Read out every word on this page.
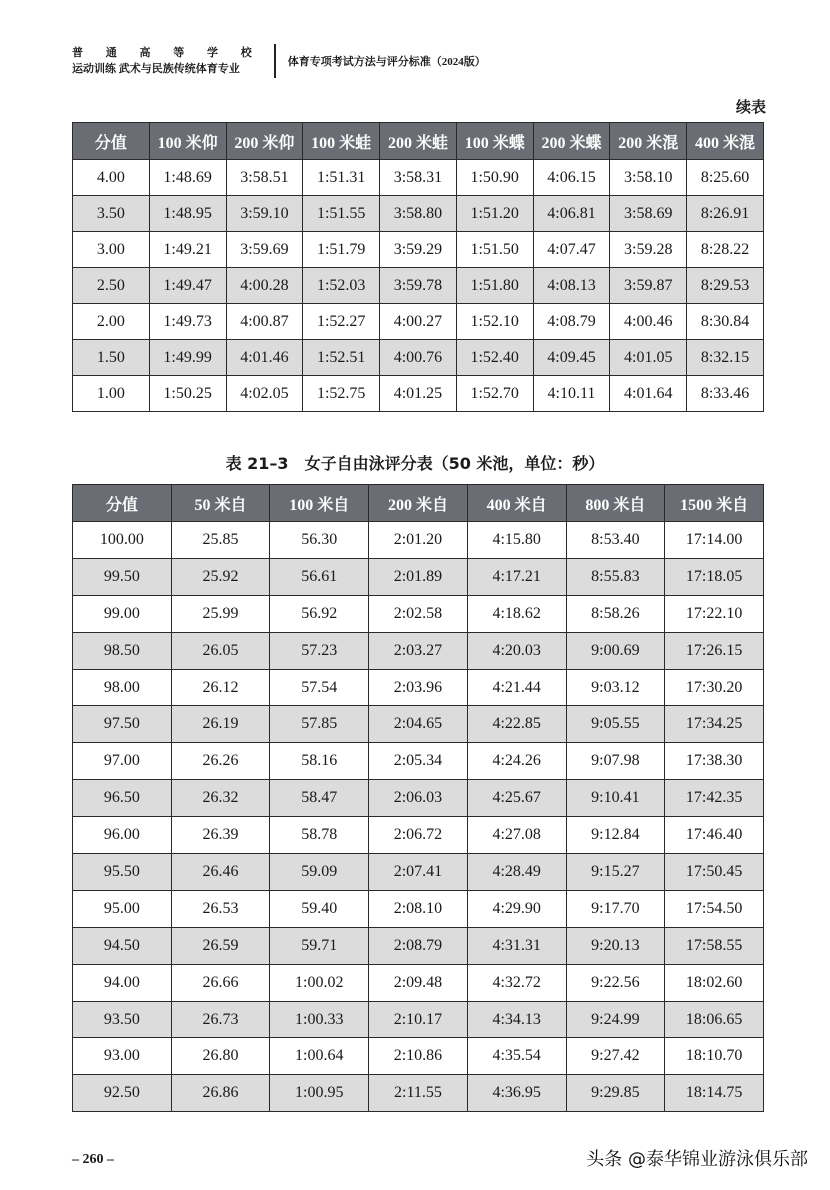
普 通 高 等 学 校
运动训练 武术与民族传统体育专业
体育专项考试方法与评分标准（2024版）
续表
分值	100 米仰	200 米仰	100 米蛙	200 米蛙	100 米蝶	200 米蝶	200 米混	400 米混
4.00	1:48.69	3:58.51	1:51.31	3:58.31	1:50.90	4:06.15	3:58.10	8:25.60
3.50	1:48.95	3:59.10	1:51.55	3:58.80	1:51.20	4:06.81	3:58.69	8:26.91
3.00	1:49.21	3:59.69	1:51.79	3:59.29	1:51.50	4:07.47	3:59.28	8:28.22
2.50	1:49.47	4:00.28	1:52.03	3:59.78	1:51.80	4:08.13	3:59.87	8:29.53
2.00	1:49.73	4:00.87	1:52.27	4:00.27	1:52.10	4:08.79	4:00.46	8:30.84
1.50	1:49.99	4:01.46	1:52.51	4:00.76	1:52.40	4:09.45	4:01.05	8:32.15
1.00	1:50.25	4:02.05	1:52.75	4:01.25	1:52.70	4:10.11	4:01.64	8:33.46
表 21–3　女子自由泳评分表（50 米池，单位：秒）
分值	50 米自	100 米自	200 米自	400 米自	800 米自	1500 米自
100.00	25.85	56.30	2:01.20	4:15.80	8:53.40	17:14.00
99.50	25.92	56.61	2:01.89	4:17.21	8:55.83	17:18.05
99.00	25.99	56.92	2:02.58	4:18.62	8:58.26	17:22.10
98.50	26.05	57.23	2:03.27	4:20.03	9:00.69	17:26.15
98.00	26.12	57.54	2:03.96	4:21.44	9:03.12	17:30.20
97.50	26.19	57.85	2:04.65	4:22.85	9:05.55	17:34.25
97.00	26.26	58.16	2:05.34	4:24.26	9:07.98	17:38.30
96.50	26.32	58.47	2:06.03	4:25.67	9:10.41	17:42.35
96.00	26.39	58.78	2:06.72	4:27.08	9:12.84	17:46.40
95.50	26.46	59.09	2:07.41	4:28.49	9:15.27	17:50.45
95.00	26.53	59.40	2:08.10	4:29.90	9:17.70	17:54.50
94.50	26.59	59.71	2:08.79	4:31.31	9:20.13	17:58.55
94.00	26.66	1:00.02	2:09.48	4:32.72	9:22.56	18:02.60
93.50	26.73	1:00.33	2:10.17	4:34.13	9:24.99	18:06.65
93.00	26.80	1:00.64	2:10.86	4:35.54	9:27.42	18:10.70
92.50	26.86	1:00.95	2:11.55	4:36.95	9:29.85	18:14.75
– 260 –	头条 @泰华锦业游泳俱乐部
